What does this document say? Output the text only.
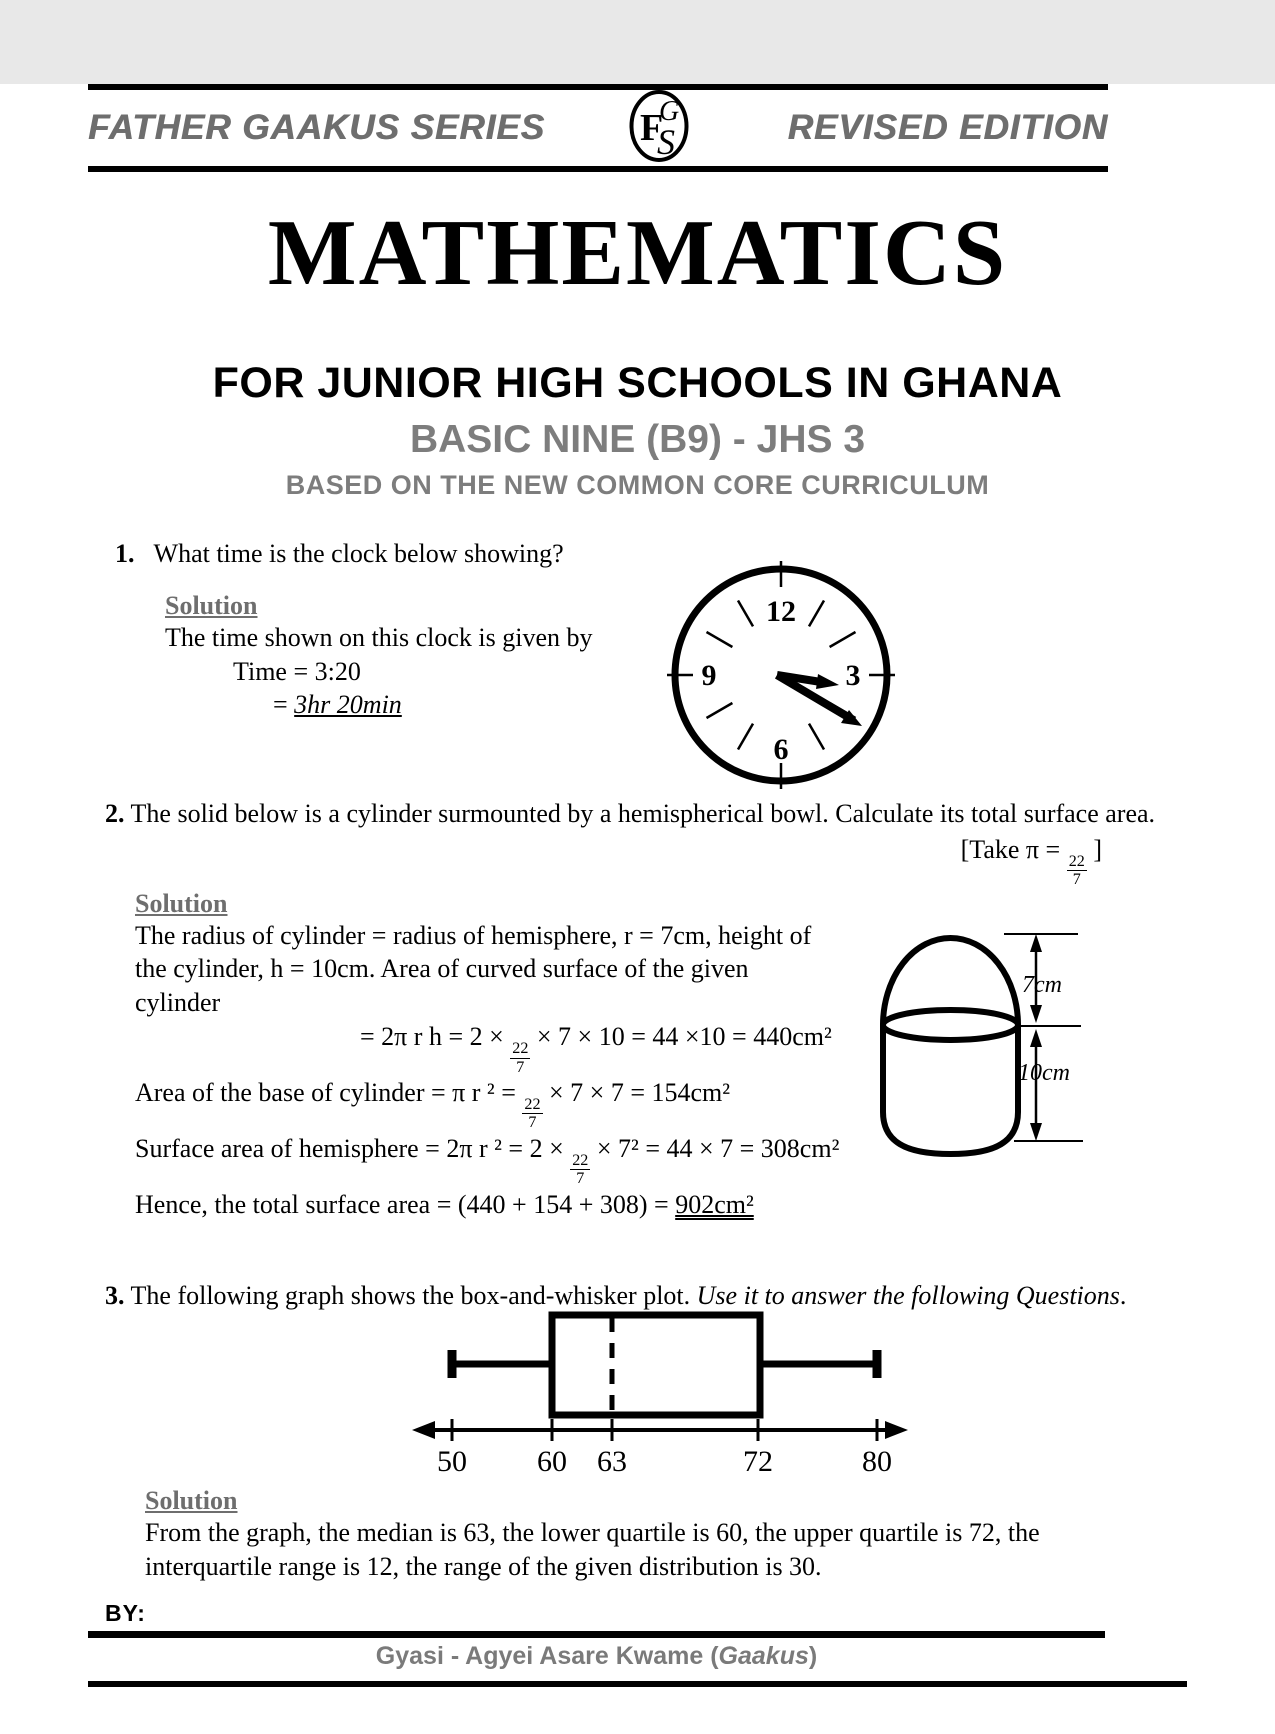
FATHER GAAKUS SERIES F
G
S	REVISED EDITION
MATHEMATICS
FOR JUNIOR HIGH SCHOOLS IN GHANA
BASIC NINE (B9) - JHS 3
BASED ON THE NEW COMMON CORE CURRICULUM
1. What time is the clock below showing?
Solution
The time shown on this clock is given by
Time = 3:20
= 3hr 20min
12
3
6
9
2. The solid below is a cylinder surmounted by a hemispherical bowl. Calculate its total surface area.
[Take π =
$\frac{22}{7}$
]
Solution
The radius of cylinder = radius of hemisphere, r = 7cm, height of the cylinder, h = 10cm. Area of curved surface of the given cylinder
= 2π r h = 2 ×
$\frac{22}{7}$
× 7 × 10 = 44 ×10 = 440cm²
Area of the base of cylinder = π r ² =
$\frac{22}{7}$
× 7 × 7 = 154cm²
Surface area of hemisphere = 2π r ² = 2 ×
$\frac{22}{7}$
× 7² = 44 × 7 = 308cm²
Hence, the total surface area = (440 + 154 + 308) = 902cm²
7cm
10cm
3. The following graph shows the box-and-whisker plot. Use it to answer the following Questions.
50 60 63	72	80
Solution
From the graph, the median is 63, the lower quartile is 60, the upper quartile is 72, the interquartile range is 12, the range of the given distribution is 30.
BY:
Gyasi - Agyei Asare Kwame (Gaakus)
